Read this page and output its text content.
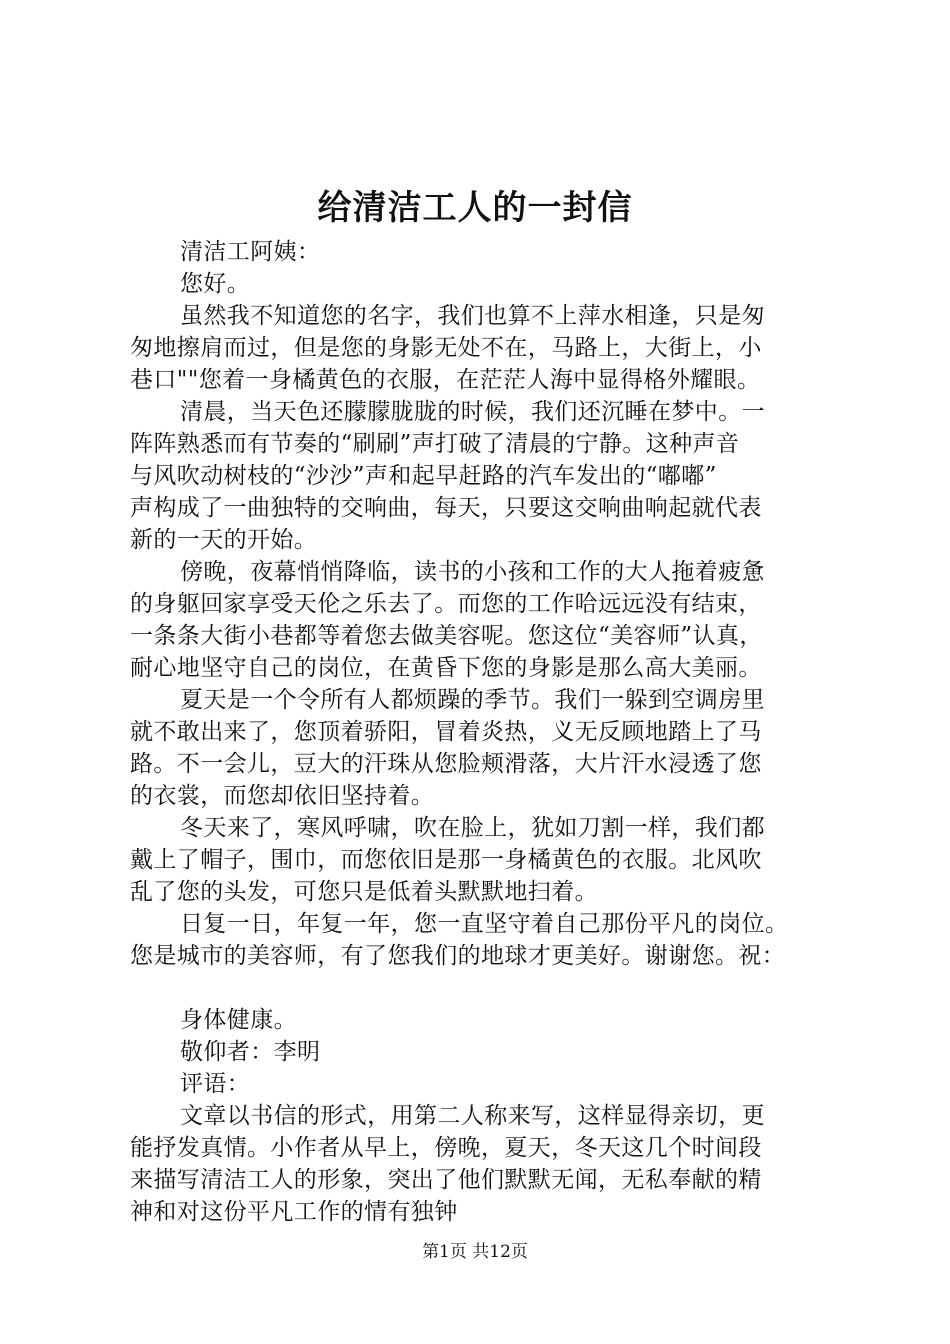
给清洁工人的一封信
清洁工阿姨：
您好。
虽然我不知道您的名字，我们也算不上萍水相逢，只是匆
匆地擦肩而过，但是您的身影无处不在，马路上，大街上，小
巷口""您着一身橘黄色的衣服，在茫茫人海中显得格外耀眼。
清晨，当天色还朦朦胧胧的时候，我们还沉睡在梦中。一
阵阵熟悉而有节奏的“刷刷”声打破了清晨的宁静。这种声音
与风吹动树枝的“沙沙”声和起早赶路的汽车发出的“嘟嘟”
声构成了一曲独特的交响曲，每天，只要这交响曲响起就代表
新的一天的开始。
傍晚，夜幕悄悄降临，读书的小孩和工作的大人拖着疲惫
的身躯回家享受天伦之乐去了。而您的工作哈远远没有结束，
一条条大街小巷都等着您去做美容呢。您这位“美容师”认真，
耐心地坚守自己的岗位，在黄昏下您的身影是那么高大美丽。
夏天是一个令所有人都烦躁的季节。我们一躲到空调房里
就不敢出来了，您顶着骄阳，冒着炎热，义无反顾地踏上了马
路。不一会儿，豆大的汗珠从您脸颊滑落，大片汗水浸透了您
的衣裳，而您却依旧坚持着。
冬天来了，寒风呼啸，吹在脸上，犹如刀割一样，我们都
戴上了帽子，围巾，而您依旧是那一身橘黄色的衣服。北风吹
乱了您的头发，可您只是低着头默默地扫着。
日复一日，年复一年，您一直坚守着自己那份平凡的岗位。
您是城市的美容师，有了您我们的地球才更美好。谢谢您。祝：
身体健康。
敬仰者：李明
评语：
文章以书信的形式，用第二人称来写，这样显得亲切，更
能抒发真情。小作者从早上，傍晚，夏天，冬天这几个时间段
来描写清洁工人的形象，突出了他们默默无闻，无私奉献的精
神和对这份平凡工作的情有独钟
第1页 共12页
